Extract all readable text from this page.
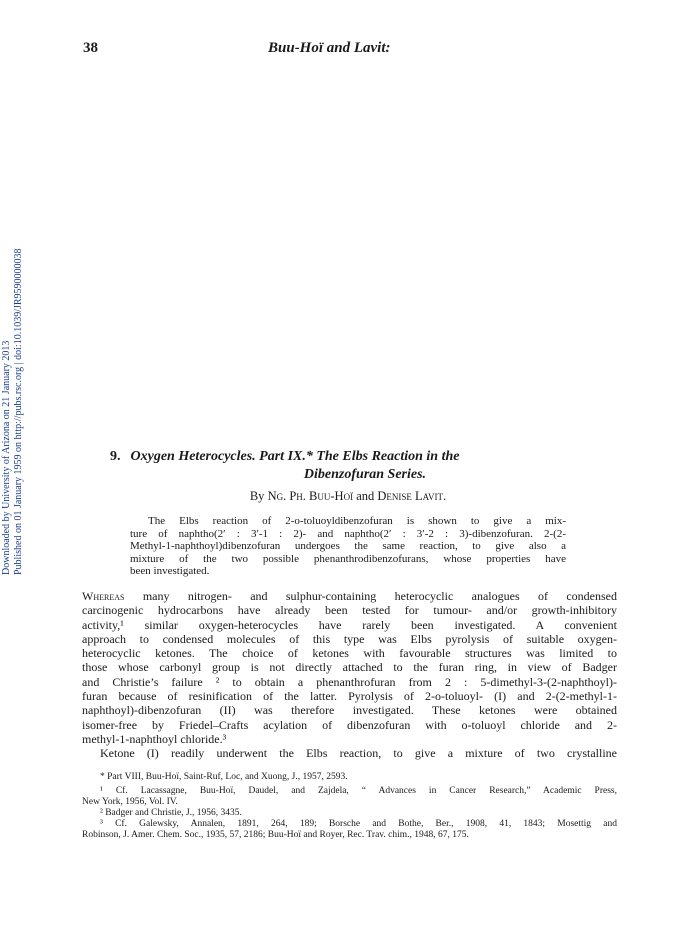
38	Buu-Hoï and Lavit:
Downloaded by University of Arizona on 21 January 2013 Published on 01 January 1959 on http://pubs.rsc.org | doi:10.1039/JR9590000038	9. Oxygen Heterocycles. Part IX.* The Elbs Reaction in the
Dibenzofuran Series.
By Ng. Ph. Buu-Hoï and Denise Lavit.
The Elbs reaction of 2-o-toluoyldibenzofuran is shown to give a mix-
ture of naphtho(2′ : 3′-1 : 2)- and naphtho(2′ : 3′-2 : 3)-dibenzofuran. 2-(2-
Methyl-1-naphthoyl)dibenzofuran undergoes the same reaction, to give also a
mixture of the two possible phenanthrodibenzofurans, whose properties have
been investigated.
Whereas many nitrogen- and sulphur-containing heterocyclic analogues of condensed
carcinogenic hydrocarbons have already been tested for tumour- and/or growth-inhibitory
activity,¹ similar oxygen-heterocycles have rarely been investigated. A convenient
approach to condensed molecules of this type was Elbs pyrolysis of suitable oxygen-
heterocyclic ketones. The choice of ketones with favourable structures was limited to
those whose carbonyl group is not directly attached to the furan ring, in view of Badger
and Christie’s failure ² to obtain a phenanthrofuran from 2 : 5-dimethyl-3-(2-naphthoyl)-
furan because of resinification of the latter. Pyrolysis of 2-o-toluoyl- (I) and 2-(2-methyl-1-
naphthoyl)-dibenzofuran (II) was therefore investigated. These ketones were obtained
isomer-free by Friedel–Crafts acylation of dibenzofuran with o-toluoyl chloride and 2-
methyl-1-naphthoyl chloride.³
Ketone (I) readily underwent the Elbs reaction, to give a mixture of two crystalline
* Part VIII, Buu-Hoï, Saint-Ruf, Loc, and Xuong, J., 1957, 2593.
¹ Cf. Lacassagne, Buu-Hoï, Daudel, and Zajdela, “ Advances in Cancer Research,” Academic Press,
New York, 1956, Vol. IV.
² Badger and Christie, J., 1956, 3435.
³ Cf. Galewsky, Annalen, 1891, 264, 189; Borsche and Bothe, Ber., 1908, 41, 1843; Mosettig and
Robinson, J. Amer. Chem. Soc., 1935, 57, 2186; Buu-Hoï and Royer, Rec. Trav. chim., 1948, 67, 175.
